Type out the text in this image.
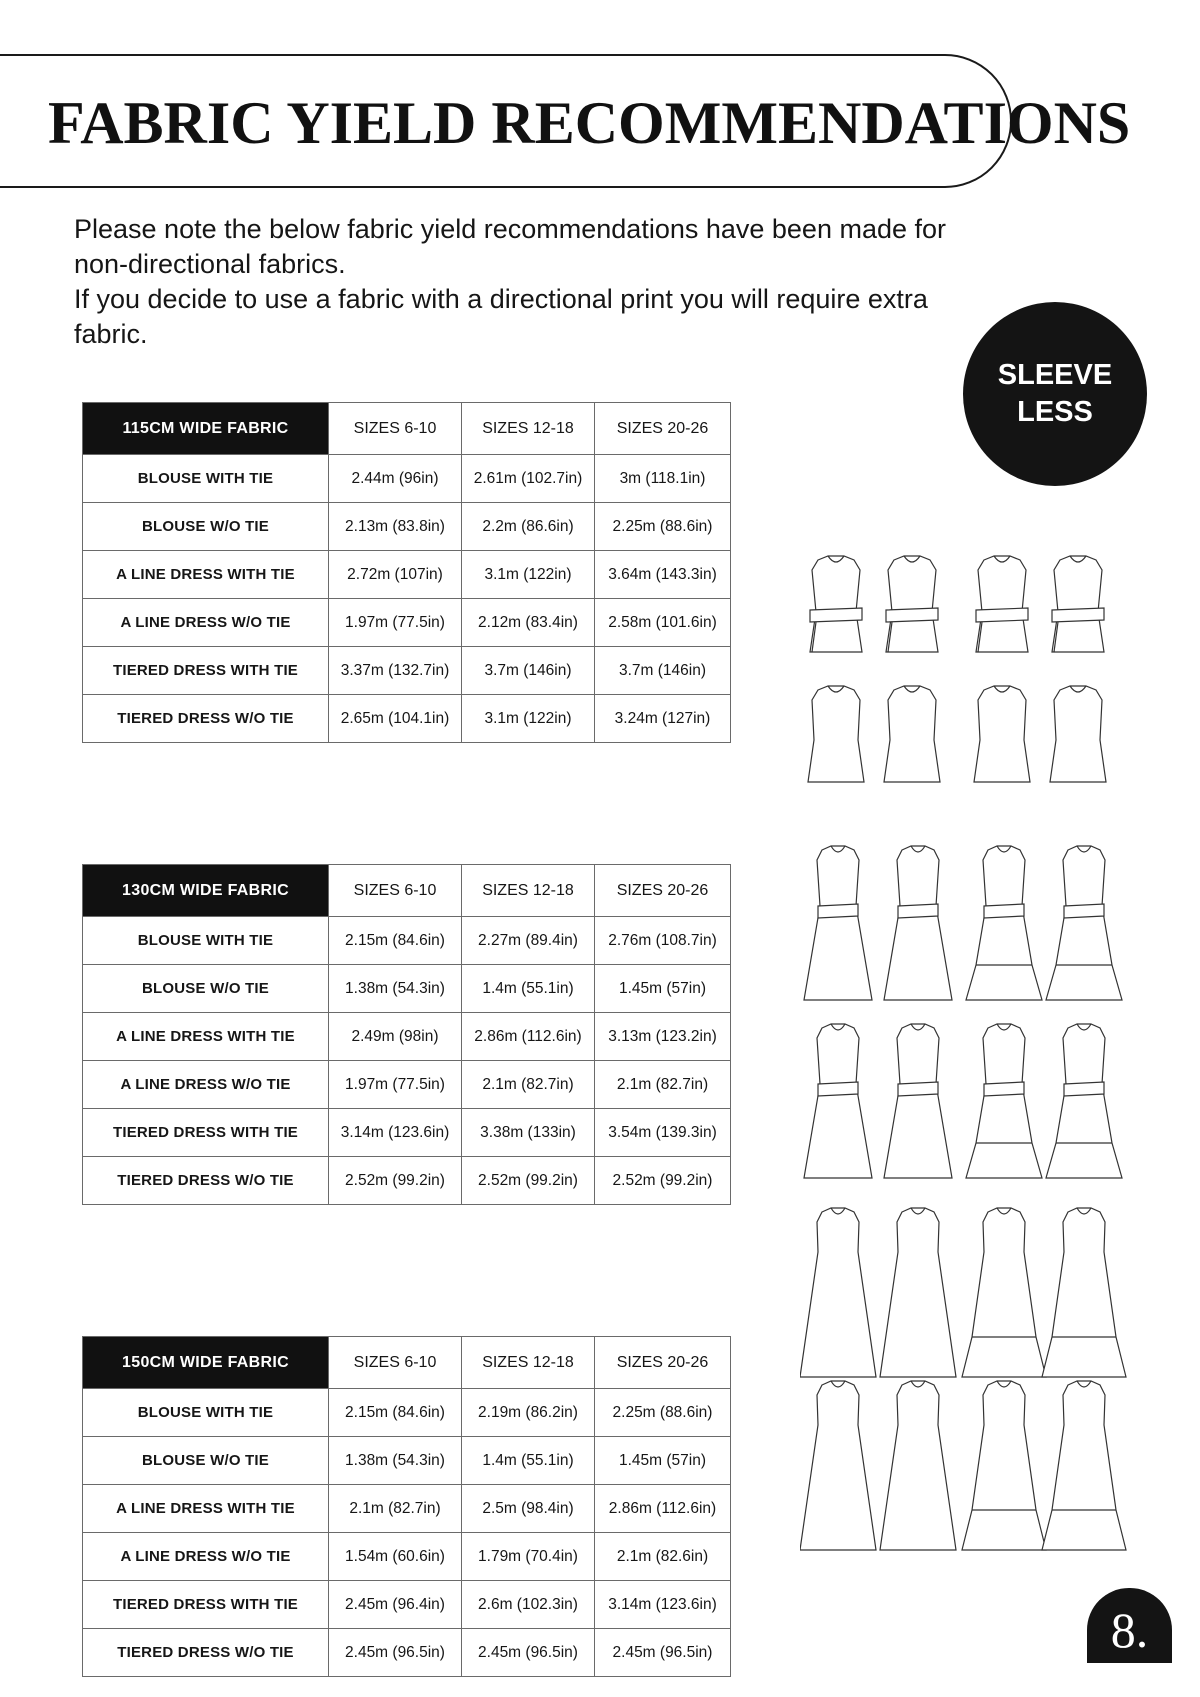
FABRIC YIELD RECOMMENDATIONS

Please note the below fabric yield recommendations have been made for non-directional fabrics.

If you decide to use a fabric with a directional print you will require extra fabric.

SLEEVE
LESS
115CM WIDE FABRIC	SIZES 6-10	SIZES 12-18	SIZES 20-26
BLOUSE WITH TIE	2.44m (96in)	2.61m (102.7in)	3m (118.1in)
BLOUSE W/O TIE	2.13m (83.8in)	2.2m (86.6in)	2.25m (88.6in)
A LINE DRESS WITH TIE	2.72m (107in)	3.1m (122in)	3.64m (143.3in)
A LINE DRESS W/O TIE	1.97m (77.5in)	2.12m (83.4in)	2.58m (101.6in)
TIERED DRESS WITH TIE	3.37m (132.7in)	3.7m (146in)	3.7m (146in)
TIERED DRESS W/O TIE	2.65m (104.1in)	3.1m (122in)	3.24m (127in)
130CM WIDE FABRIC	SIZES 6-10	SIZES 12-18	SIZES 20-26
BLOUSE WITH TIE	2.15m (84.6in)	2.27m (89.4in)	2.76m (108.7in)
BLOUSE W/O TIE	1.38m (54.3in)	1.4m (55.1in)	1.45m (57in)
A LINE DRESS WITH TIE	2.49m (98in)	2.86m (112.6in)	3.13m (123.2in)
A LINE DRESS W/O TIE	1.97m (77.5in)	2.1m (82.7in)	2.1m (82.7in)
TIERED DRESS WITH TIE	3.14m (123.6in)	3.38m (133in)	3.54m (139.3in)
TIERED DRESS W/O TIE	2.52m (99.2in)	2.52m (99.2in)	2.52m (99.2in)
150CM WIDE FABRIC	SIZES 6-10	SIZES 12-18	SIZES 20-26
BLOUSE WITH TIE	2.15m (84.6in)	2.19m (86.2in)	2.25m (88.6in)
BLOUSE W/O TIE	1.38m (54.3in)	1.4m (55.1in)	1.45m (57in)
A LINE DRESS WITH TIE	2.1m (82.7in)	2.5m (98.4in)	2.86m (112.6in)
A LINE DRESS W/O TIE	1.54m (60.6in)	1.79m (70.4in)	2.1m (82.6in)
TIERED DRESS WITH TIE	2.45m (96.4in)	2.6m (102.3in)	3.14m (123.6in)
TIERED DRESS W/O TIE	2.45m (96.5in)	2.45m (96.5in)	2.45m (96.5in)	8.
